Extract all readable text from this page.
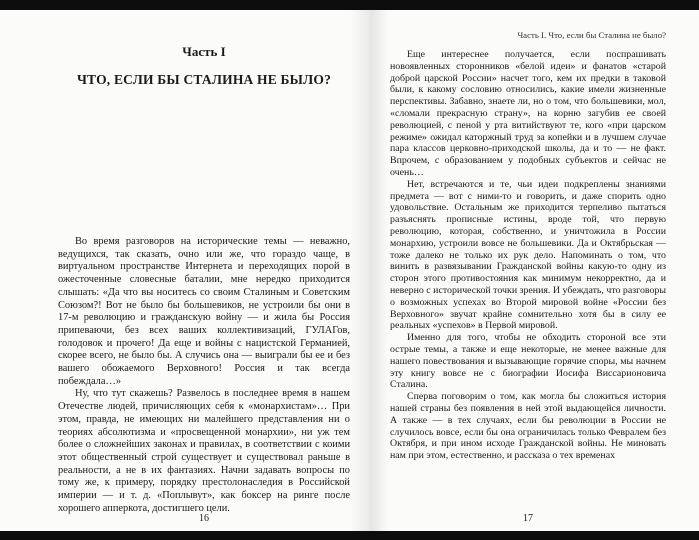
Часть I
ЧТО, ЕСЛИ БЫ СТАЛИНА НЕ БЫЛО?

Во время разговоров на исторические темы — неважно, ведущихся, так сказать, очно или же, что гораздо чаще, в виртуальном пространстве Интернета и переходящих порой в ожесточенные словесные баталии, мне нередко приходится слышать: «Да что вы носитесь со своим Сталиным и Советским Союзом?! Вот не было бы большевиков, не устроили бы они в 17-м революцию и гражданскую войну — и жила бы Россия припеваючи, без всех ваших коллективизаций, ГУЛАГов, голодовок и прочего! Да еще и войны с нацистской Германией, скорее всего, не было бы. А случись она — выиграли бы ее и без вашего обожаемого Верховного! Россия и так всегда побеждала…»

Ну, что тут скажешь? Развелось в последнее время в нашем Отечестве людей, причисляющих себя к «монархистам»… При этом, правда, не имеющих ни малейшего представления ни о теориях абсолютизма и «просвещенной монархии», ни уж тем более о сложнейших законах и правилах, в соответствии с коими этот общественный строй существует и существовал раньше в реальности, а не в их фантазиях. Начни задавать вопросы по тому же, к примеру, порядку престолонаследия в Российской империи — и т. д. «Поплывут», как боксер на ринге после хорошего апперкота, достигшего цели.

16
Часть I. Что, если бы Сталина не было?

Еще интереснее получается, если поспрашивать новоявленных сторонников «белой идеи» и фанатов «старой доброй царской России» насчет того, кем их предки в таковой были, к какому сословию относились, какие имели жизненные перспективы. Забавно, знаете ли, но о том, что большевики, мол, «сломали прекрасную страну», на корню загубив ее своей революцией, с пеной у рта витийствуют те, кого «при царском режиме» ожидал каторжный труд за копейки и в лучшем случае пара классов церковно-приходской школы, да и то — не факт. Впрочем, с образованием у подобных субъектов и сейчас не очень…

Нет, встречаются и те, чьи идеи подкреплены знаниями предмета — вот с ними-то и говорить, и даже спорить одно удовольствие. Остальным же приходится терпеливо пытаться разъяснять прописные истины, вроде той, что первую революцию, которая, собственно, и уничтожила в России монархию, устроили вовсе не большевики. Да и Октябрьская — тоже далеко не только их рук дело. Напоминать о том, что винить в развязывании Гражданской войны какую-то одну из сторон этого противостояния как минимум некорректно, да и неверно с исторической точки зрения. И убеждать, что разговоры о возможных успехах во Второй мировой войне «России без Верховного» звучат крайне сомнительно хотя бы в силу ее реальных «успехов» в Первой мировой.

Именно для того, чтобы не обходить стороной все эти острые темы, а также и еще некоторые, не менее важные для нашего повествования и вызывающие горячие споры, мы начнем эту книгу вовсе не с биографии Иосифа Виссарионовича Сталина.

Сперва поговорим о том, как могла бы сложиться история нашей страны без появления в ней этой выдающейся личности. А также — в тех случаях, если бы революции в России не случилось вовсе, если бы она ограничилась только Февралем без Октября, и при ином исходе Гражданской войны. Не миновать нам при этом, естественно, и рассказа о тех временах

17
